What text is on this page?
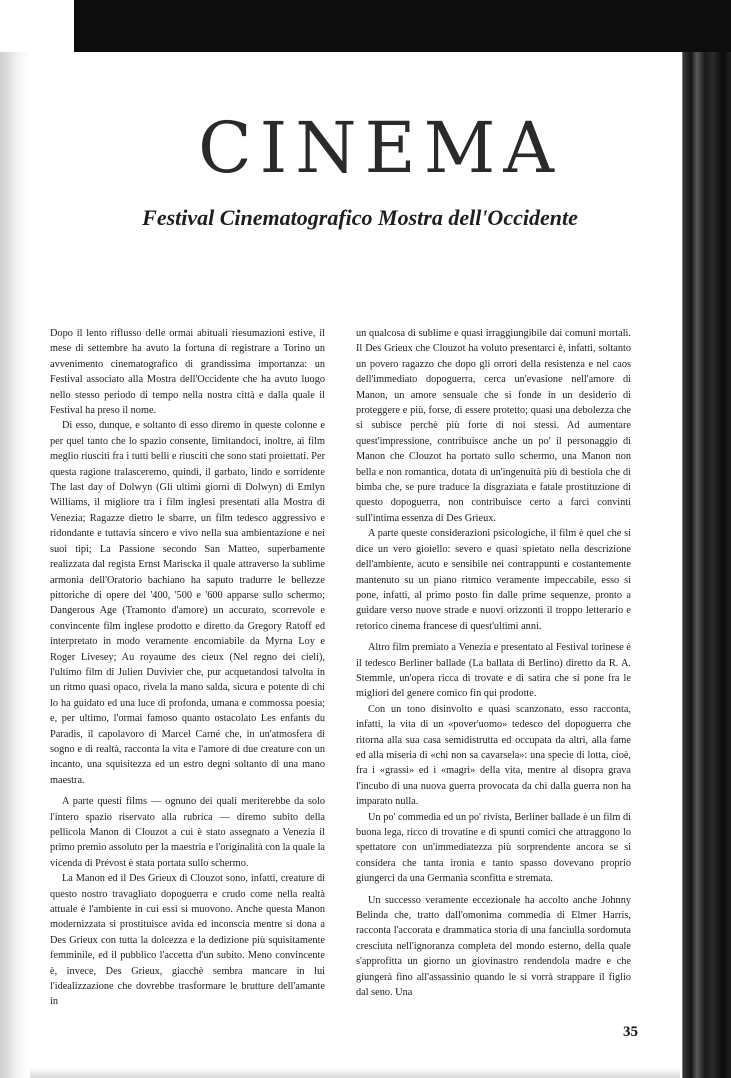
CINEMA
Festival Cinematografico Mostra dell'Occidente

Dopo il lento riflusso delle ormai abituali riesumazioni estive, il mese di settembre ha avuto la fortuna di registrare a Torino un avvenimento cinematografico di grandissima importanza: un Festival associato alla Mostra dell'Occidente che ha avuto luogo nello stesso periodo di tempo nella nostra città e dalla quale il Festival ha preso il nome.

Di esso, dunque, e soltanto di esso diremo in queste colonne e per quel tanto che lo spazio consente, limitandoci, inoltre, ai film meglio riusciti fra i tutti belli e riusciti che sono stati proiettati. Per questa ragione tralasceremo, quindi, il garbato, lindo e sorridente The last day of Dolwyn (Gli ultimi giorni di Dolwyn) di Emlyn Williams, il migliore tra i film inglesi presentati alla Mostra di Venezia; Ragazze dietro le sbarre, un film tedesco aggressivo e ridondante e tuttavia sincero e vivo nella sua ambientazione e nei suoi tipi; La Passione secondo San Matteo, superbamente realizzata dal regista Ernst Mariscka il quale attraverso la sublime armonia dell'Oratorio bachiano ha saputo tradurre le bellezze pittoriche di opere del '400, '500 e '600 apparse sullo schermo; Dangerous Age (Tramonto d'amore) un accurato, scorrevole e convincente film inglese prodotto e diretto da Gregory Ratoff ed interpretato in modo veramente encomiabile da Myrna Loy e Roger Livesey; Au royaume des cieux (Nel regno dei cieli), l'ultimo film di Julien Duvivier che, pur acquetandosi talvolta in un ritmo quasi opaco, rivela la mano salda, sicura e potente di chi lo ha guidato ed una luce di profonda, umana e commossa poesia; e, per ultimo, l'ormai famoso quanto ostacolato Les enfants du Paradis, il capolavoro di Marcel Carné che, in un'atmosfera di sogno e di realtà, racconta la vita e l'amore di due creature con un incanto, una squisitezza ed un estro degni soltanto di una mano maestra.

A parte questi films — ognuno dei quali meriterebbe da solo l'intero spazio riservato alla rubrica — diremo subito della pellicola Manon di Clouzot a cui è stato assegnato a Venezia il primo premio assoluto per la maestria e l'originalità con la quale la vicenda di Prévost è stata portata sullo schermo.

La Manon ed il Des Grieux di Clouzot sono, infatti, creature di questo nostro travagliato dopoguerra e crudo come nella realtà attuale è l'ambiente in cui essi si muovono. Anche questa Manon modernizzata si prostituisce avida ed inconscia mentre si dona a Des Grieux con tutta la dolcezza e la dedizione più squisitamente femminile, ed il pubblico l'accetta d'un subito. Meno convincente è, invece, Des Grieux, giacchè sembra mancare in lui l'idealizzazione che dovrebbe trasformare le brutture dell'amante in

un qualcosa di sublime e quasi irraggiungibile dai comuni mortali. Il Des Grieux che Clouzot ha voluto presentarci è, infatti, soltanto un povero ragazzo che dopo gli orrori della resistenza e nel caos dell'immediato dopoguerra, cerca un'evasione nell'amore di Manon, un amore sensuale che si fonde in un desiderio di proteggere e più, forse, di essere protetto; quasi una debolezza che si subisce perchè più forte di noi stessi. Ad aumentare quest'impressione, contribuisce anche un po' il personaggio di Manon che Clouzot ha portato sullo schermo, una Manon non bella e non romantica, dotata di un'ingenuità più di bestiola che di bimba che, se pure traduce la disgraziata e fatale prostituzione di questo dopoguerra, non contribuisce certo a farci convinti sull'intima essenza di Des Grieux.

A parte queste considerazioni psicologiche, il film è quel che si dice un vero gioiello: severo e quasi spietato nella descrizione dell'ambiente, acuto e sensibile nei contrappunti e costantemente mantenuto su un piano ritmico veramente impeccabile, esso si pone, infatti, al primo posto fin dalle prime sequenze, pronto a guidare verso nuove strade e nuovi orizzonti il troppo letterario e retorico cinema francese di quest'ultimi anni.

Altro film premiato a Venezia e presentato al Festival torinese è il tedesco Berliner ballade (La ballata di Berlino) diretto da R. A. Stemmle, un'opera ricca di trovate e di satira che si pone fra le migliori del genere comico fin qui prodotte.

Con un tono disinvolto e quasi scanzonato, esso racconta, infatti, la vita di un «pover'uomo» tedesco del dopoguerra che ritorna alla sua casa semidistrutta ed occupata da altri, alla fame ed alla miseria di «chi non sa cavarsela»: una specie di lotta, cioè, fra i «grassi» ed i «magri» della vita, mentre al disopra grava l'incubo di una nuova guerra provocata da chi dalla guerra non ha imparato nulla.

Un po' commedia ed un po' rivista, Berliner ballade è un film di buona lega, ricco di trovatine e di spunti comici che attraggono lo spettatore con un'immediatezza più sorprendente ancora se si considera che tanta ironia e tanto spasso dovevano proprio giungerci da una Germania sconfitta e stremata.

Un successo veramente eccezionale ha accolto anche Johnny Belinda che, tratto dall'omonima commedia di Elmer Harris, racconta l'accorata e drammatica storia di una fanciulla sordomuta cresciuta nell'ignoranza completa del mondo esterno, della quale s'approfitta un giorno un giovinastro rendendola madre e che giungerà fino all'assassinio quando le si vorrà strappare il figlio dal seno. Una

35
